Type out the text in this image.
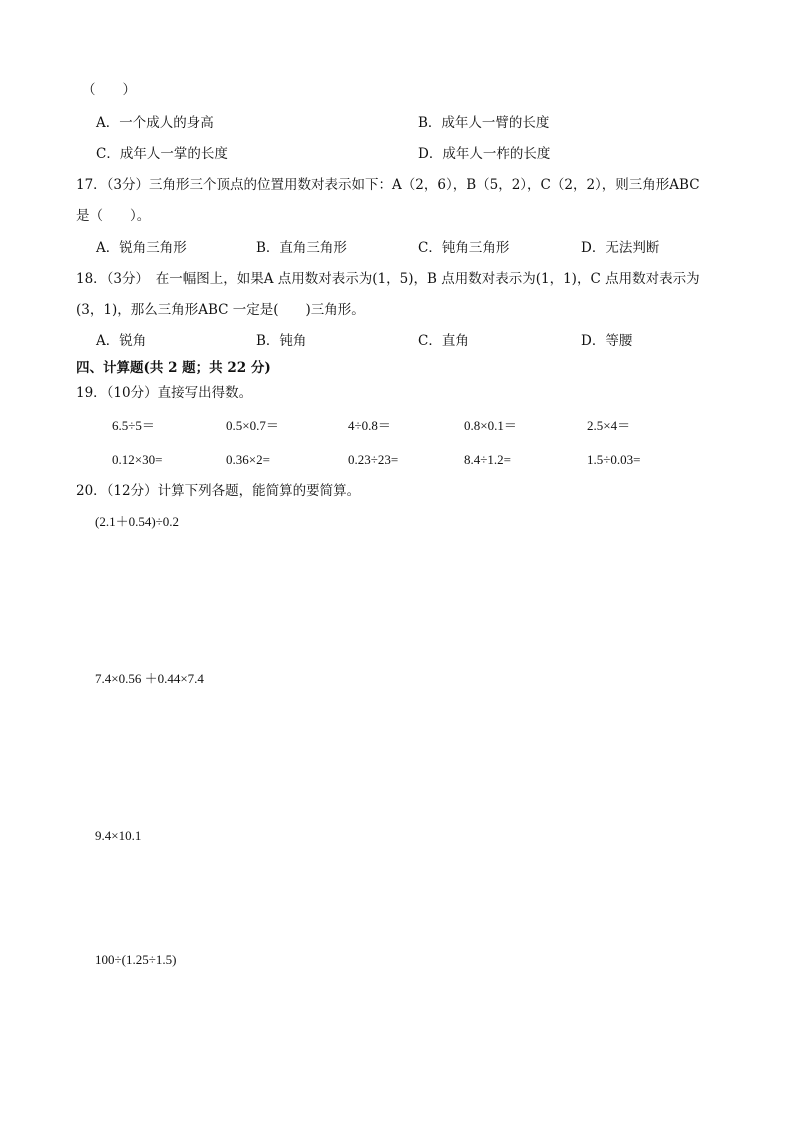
（　　）
A．一个成人的身高	B．成年人一臂的长度
C．成年人一掌的长度	D．成年人一柞的长度
17．（3分）三角形三个顶点的位置用数对表示如下：A（2，6），B（5，2），C（2，2），则三角形ABC
是（　　）。
A．锐角三角形	B．直角三角形	C．钝角三角形	D．无法判断
18．（3分）　在一幅图上，如果A 点用数对表示为(1，5)，B 点用数对表示为(1，1)，C 点用数对表示为
(3，1)，那么三角形ABC 一定是(　　)三角形。
A．锐角	B．钝角	C．直角	D．等腰
四、计算题(共 2 题；共 22 分)
19．（10分）直接写出得数。
6.5÷5＝	0.5×0.7＝	4÷0.8＝	0.8×0.1＝	2.5×4＝
0.12×30=	0.36×2=	0.23÷23=	8.4÷1.2=	1.5÷0.03=
20．（12分）计算下列各题，能简算的要简算。
(2.1＋0.54)÷0.2
7.4×0.56 ＋0.44×7.4
9.4×10.1
100÷(1.25÷1.5)
